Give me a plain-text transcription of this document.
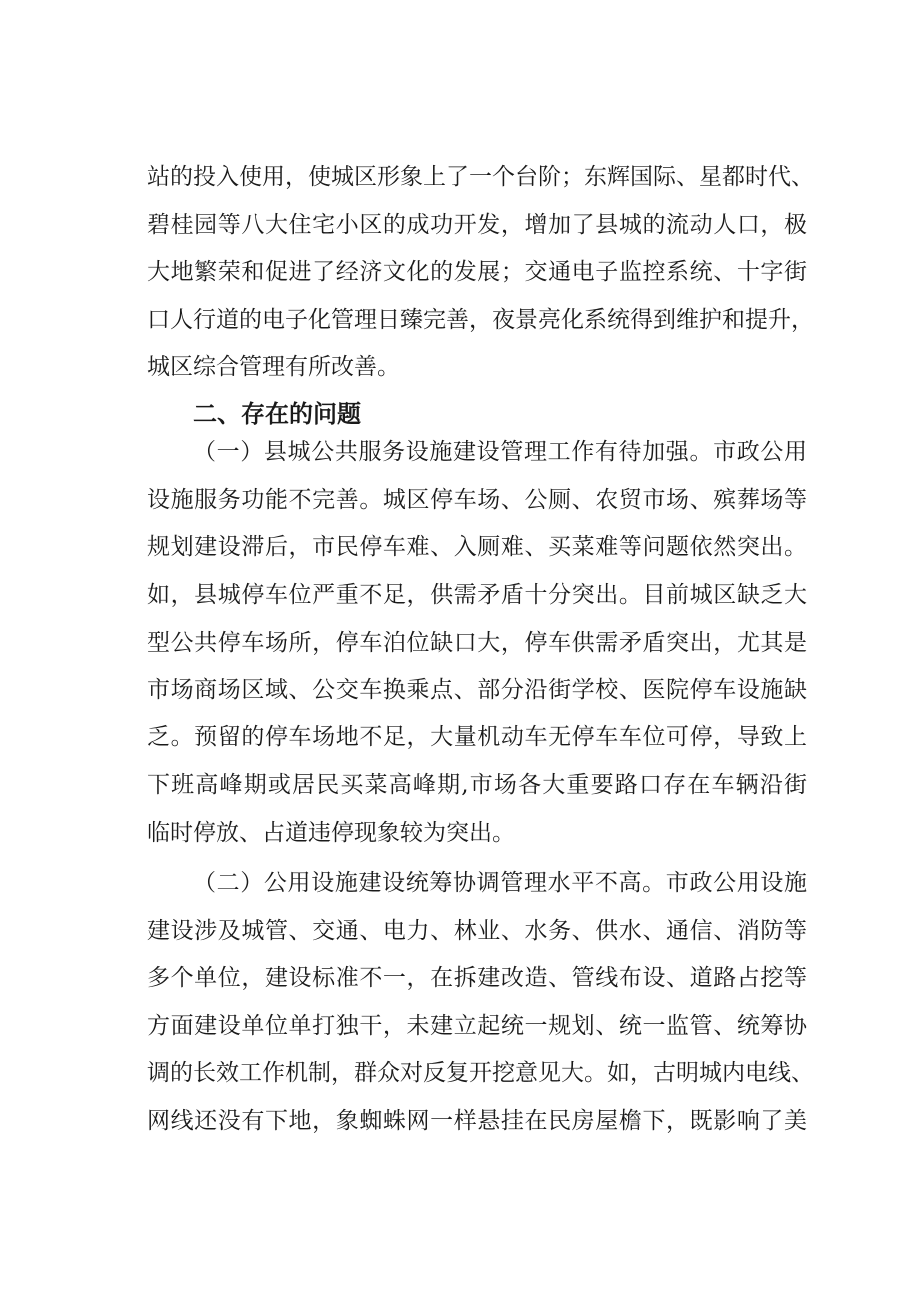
站的投入使用，使城区形象上了一个台阶；东辉国际、星都时代、
碧桂园等八大住宅小区的成功开发，增加了县城的流动人口，极
大地繁荣和促进了经济文化的发展；交通电子监控系统、十字街
口人行道的电子化管理日臻完善，夜景亮化系统得到维护和提升，
城区综合管理有所改善。
二、存在的问题
（一）县城公共服务设施建设管理工作有待加强。市政公用
设施服务功能不完善。城区停车场、公厕、农贸市场、殡葬场等
规划建设滞后，市民停车难、入厕难、买菜难等问题依然突出。
如，县城停车位严重不足，供需矛盾十分突出。目前城区缺乏大
型公共停车场所，停车泊位缺口大，停车供需矛盾突出，尤其是
市场商场区域、公交车换乘点、部分沿街学校、医院停车设施缺
乏。预留的停车场地不足，大量机动车无停车车位可停，导致上
下班高峰期或居民买菜高峰期,市场各大重要路口存在车辆沿街
临时停放、占道违停现象较为突出。
（二）公用设施建设统筹协调管理水平不高。市政公用设施
建设涉及城管、交通、电力、林业、水务、供水、通信、消防等
多个单位，建设标准不一，在拆建改造、管线布设、道路占挖等
方面建设单位单打独干，未建立起统一规划、统一监管、统筹协
调的长效工作机制，群众对反复开挖意见大。如，古明城内电线、
网线还没有下地，象蜘蛛网一样悬挂在民房屋檐下，既影响了美
